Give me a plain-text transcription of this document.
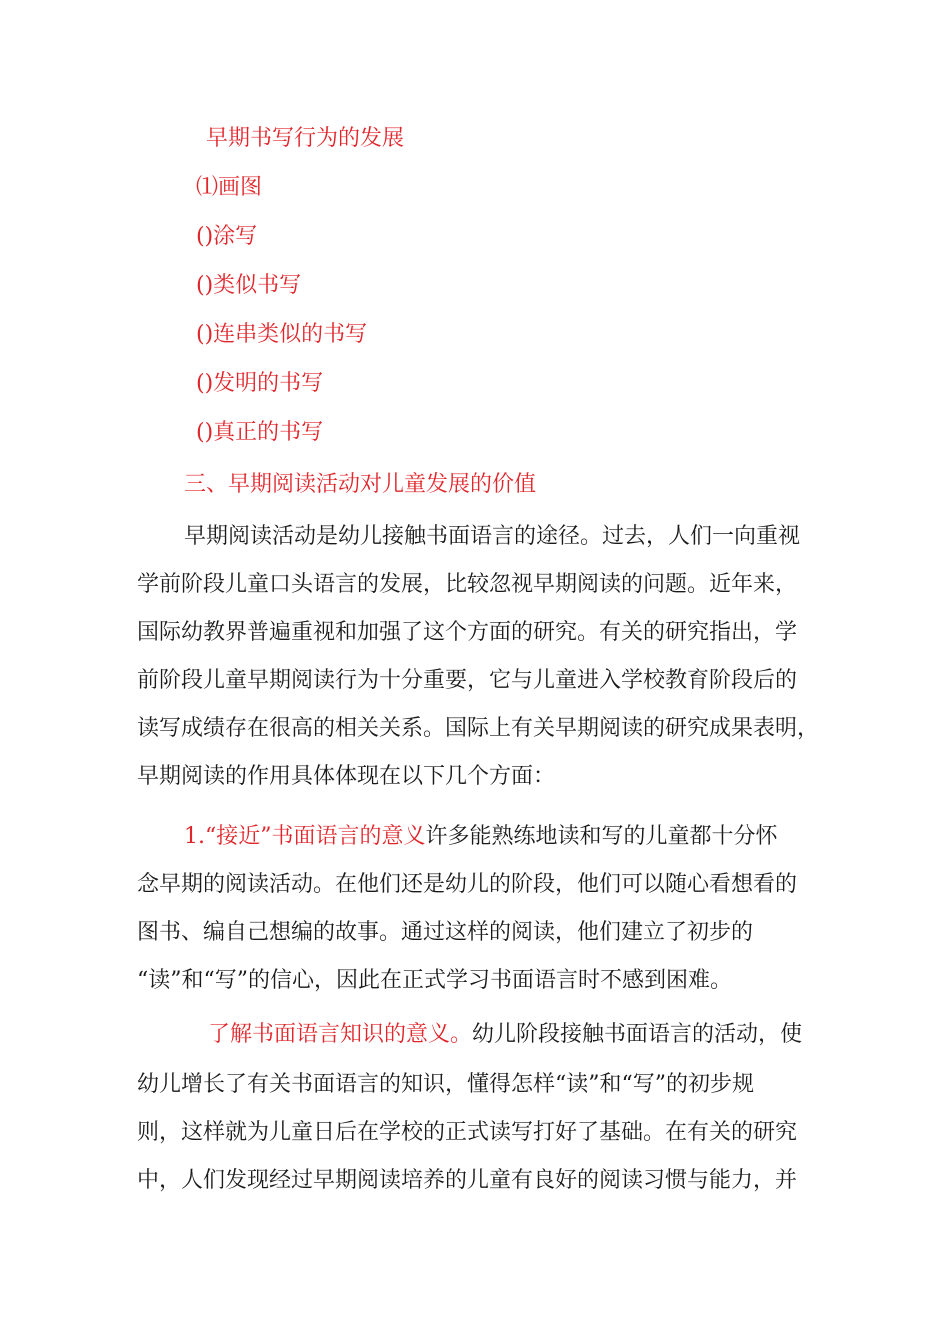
早期书写行为的发展
⑴画图
()涂写
()类似书写
()连串类似的书写
()发明的书写
()真正的书写
三、早期阅读活动对儿童发展的价值
早期阅读活动是幼儿接触书面语言的途径。过去，人们一向重视
学前阶段儿童口头语言的发展，比较忽视早期阅读的问题。近年来，
国际幼教界普遍重视和加强了这个方面的研究。有关的研究指出，学
前阶段儿童早期阅读行为十分重要，它与儿童进入学校教育阶段后的
读写成绩存在很高的相关关系。国际上有关早期阅读的研究成果表明，
早期阅读的作用具体体现在以下几个方面：
1.“接近”书面语言的意义许多能熟练地读和写的儿童都十分怀
念早期的阅读活动。在他们还是幼儿的阶段，他们可以随心看想看的
图书、编自己想编的故事。通过这样的阅读，他们建立了初步的
“读”和“写”的信心，因此在正式学习书面语言时不感到困难。
了解书面语言知识的意义。幼儿阶段接触书面语言的活动，使
幼儿增长了有关书面语言的知识，懂得怎样“读”和“写”的初步规
则，这样就为儿童日后在学校的正式读写打好了基础。在有关的研究
中，人们发现经过早期阅读培养的儿童有良好的阅读习惯与能力，并
